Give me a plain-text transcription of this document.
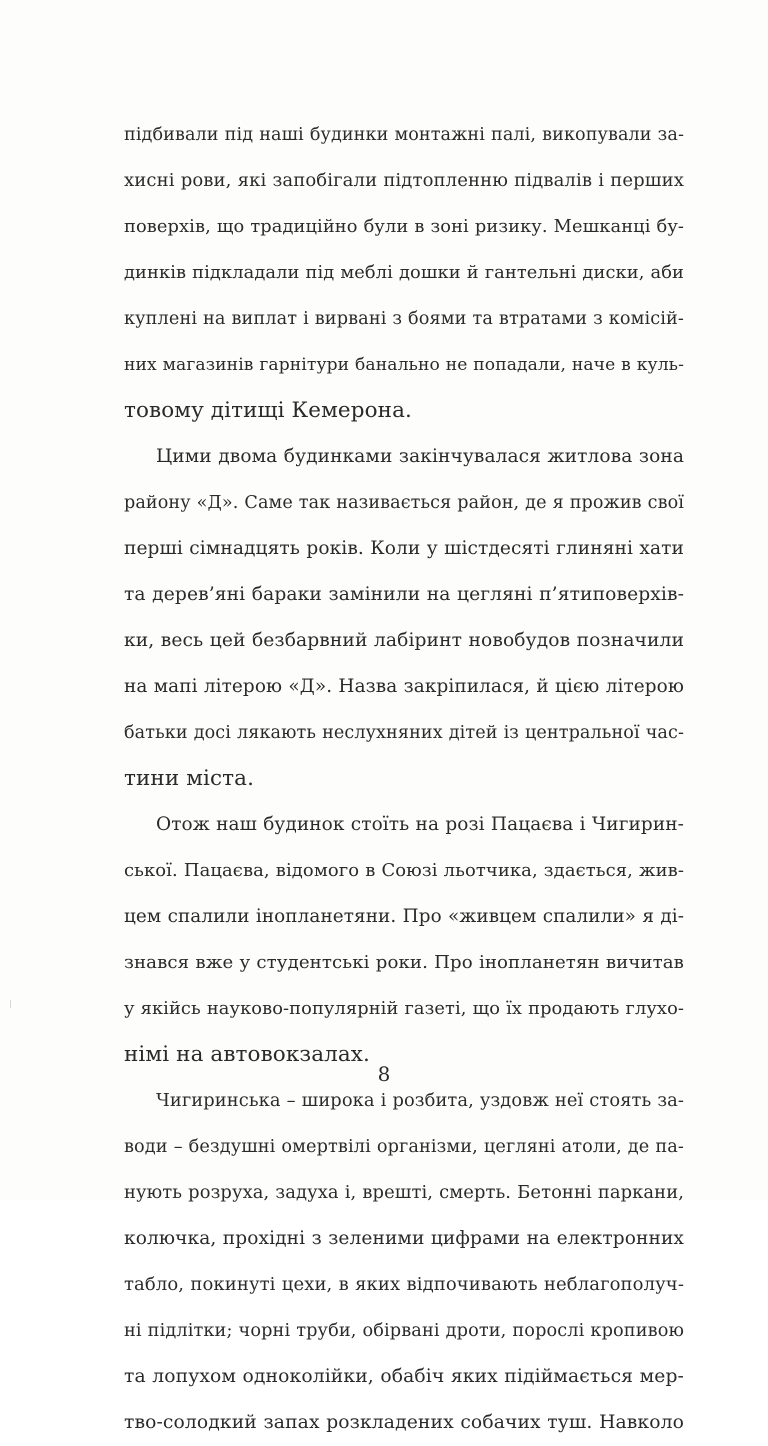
підбивали під наші будинки монтажні палі, викопували за-
хисні рови, які запобігали підтопленню підвалів і перших
поверхів, що традиційно були в зоні ризику. Мешканці бу-
динків підкладали під меблі дошки й гантельні диски, аби
куплені на виплат і вирвані з боями та втратами з комісій-
них магазинів гарнітури банально не попадали, наче в куль-
товому дітищі Кемерона.
Цими двома будинками закінчувалася житлова зона
району «Д». Саме так називається район, де я прожив свої
перші сімнадцять років. Коли у шістдесяті глиняні хати
та дерев’яні бараки замінили на цегляні п’ятиповерхів-
ки, весь цей безбарвний лабіринт новобудов позначили
на мапі літерою «Д». Назва закріпилася, й цією літерою
батьки досі лякають неслухняних дітей із центральної час-
тини міста.
Отож наш будинок стоїть на розі Пацаєва і Чигирин-
ської. Пацаєва, відомого в Союзі льотчика, здається, жив-
цем спалили інопланетяни. Про «живцем спалили» я ді-
знався вже у студентські роки. Про інопланетян вичитав
у якійсь науково-популярній газеті, що їх продають глухо-
німі на автовокзалах.
Чигиринська – широка і розбита, уздовж неї стоять за-
води – бездушні омертвілі організми, цегляні атоли, де па-
нують розруха, задуха і, врешті, смерть. Бетонні паркани,
колючка, прохідні з зеленими цифрами на електронних
табло, покинуті цехи, в яких відпочивають неблагополуч-
ні підлітки; чорні труби, обірвані дроти, порослі кропивою
та лопухом одноколійки, обабіч яких підіймається мер-
тво-солодкий запах розкладених собачих туш. Навколо
8
